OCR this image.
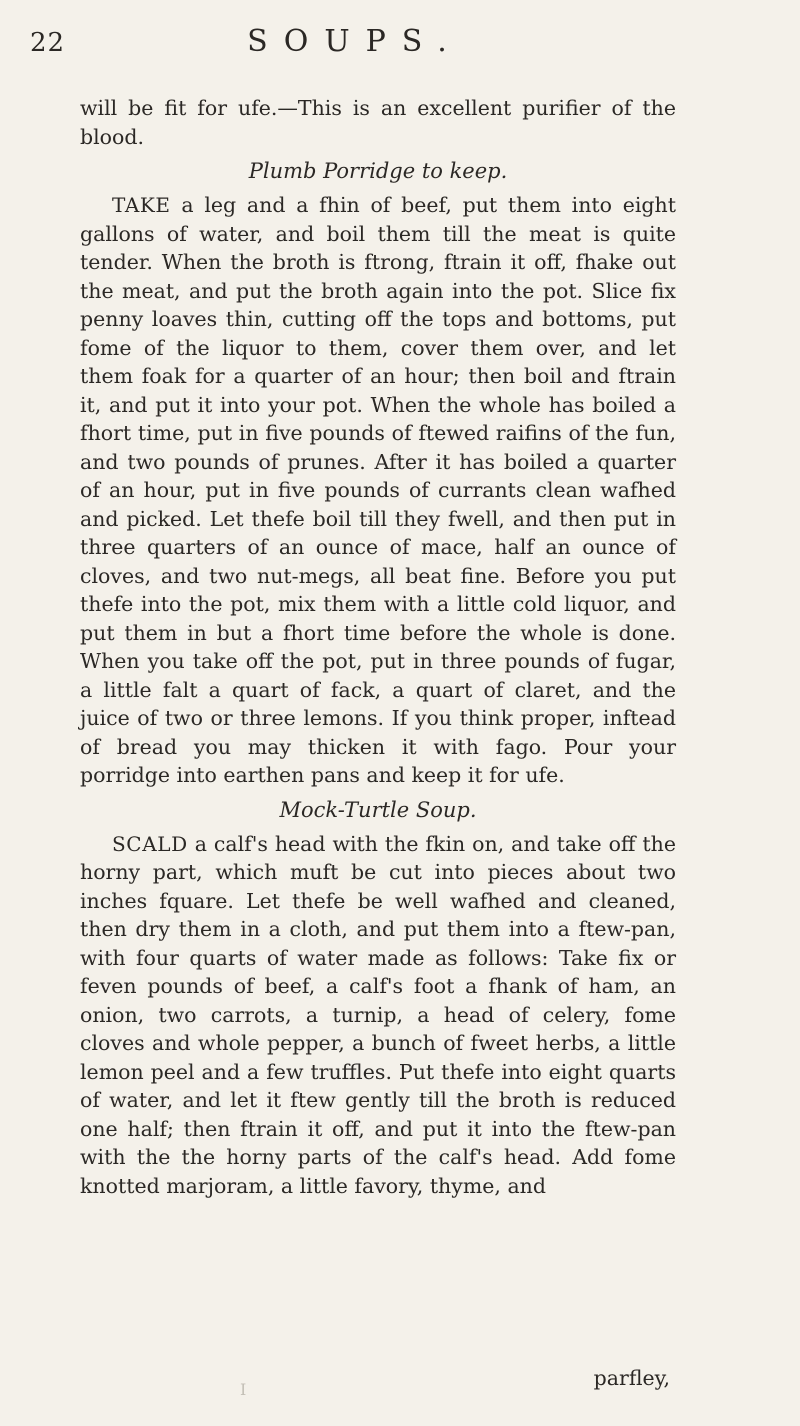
22	SOUPS.

will be fit for ufe.—This is an excellent purifier of the blood.

Plumb Porridge to keep.

TAKE a leg and a fhin of beef, put them into eight gallons of water, and boil them till the meat is quite tender. When the broth is ftrong, ftrain it off, fhake out the meat, and put the broth again into the pot. Slice fix penny loaves thin, cutting off the tops and bottoms, put fome of the liquor to them, cover them over, and let them foak for a quarter of an hour; then boil and ftrain it, and put it into your pot. When the whole has boiled a fhort time, put in five pounds of ftewed raifins of the fun, and two pounds of prunes. After it has boiled a quarter of an hour, put in five pounds of currants clean wafhed and picked. Let thefe boil till they fwell, and then put in three quarters of an ounce of mace, half an ounce of cloves, and two nut-megs, all beat fine. Before you put thefe into the pot, mix them with a little cold liquor, and put them in but a fhort time before the whole is done. When you take off the pot, put in three pounds of fugar, a little falt a quart of fack, a quart of claret, and the juice of two or three lemons. If you think proper, inftead of bread you may thicken it with fago. Pour your porridge into earthen pans and keep it for ufe.

Mock-Turtle Soup.

SCALD a calf's head with the fkin on, and take off the horny part, which muft be cut into pieces about two inches fquare. Let thefe be well wafhed and cleaned, then dry them in a cloth, and put them into a ftew-pan, with four quarts of water made as follows: Take fix or feven pounds of beef, a calf's foot a fhank of ham, an onion, two carrots, a turnip, a head of celery, fome cloves and whole pepper, a bunch of fweet herbs, a little lemon peel and a few truffles. Put thefe into eight quarts of water, and let it ftew gently till the broth is reduced one half; then ftrain it off, and put it into the ftew-pan with the the horny parts of the calf's head. Add fome knotted marjoram, a little favory, thyme, and

parfley,
I
